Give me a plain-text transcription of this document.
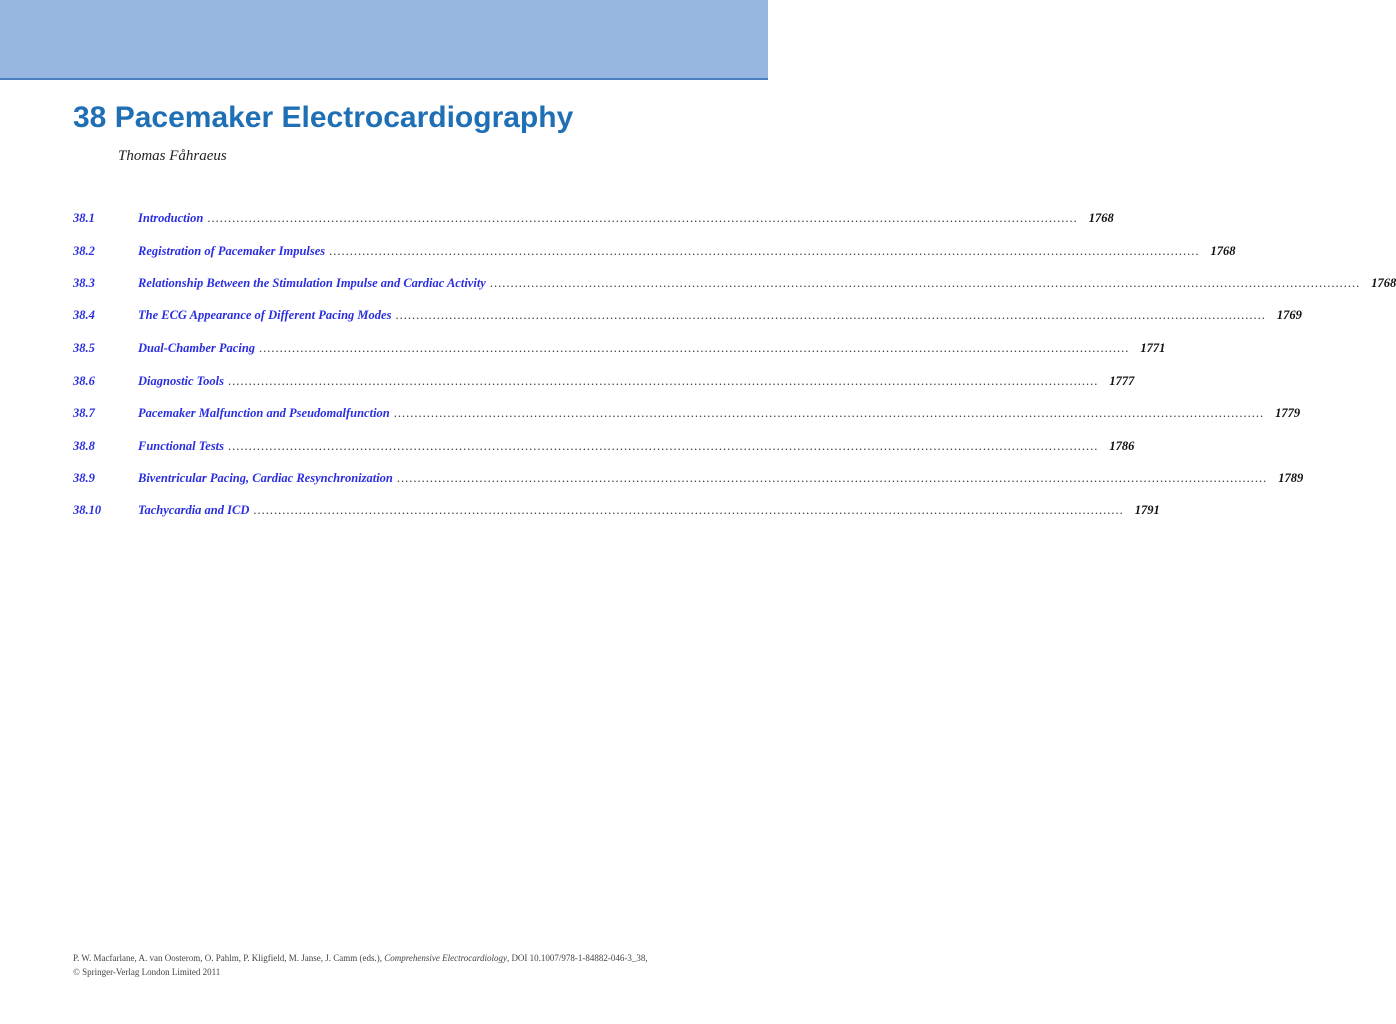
38 Pacemaker Electrocardiography
Thomas Fåhraeus
38.1	Introduction .....	1768
38.2	Registration of Pacemaker Impulses .....	1768
38.3	Relationship Between the Stimulation Impulse and Cardiac Activity .....	1768
38.4	The ECG Appearance of Different Pacing Modes .....	1769
38.5	Dual-Chamber Pacing .....	1771
38.6	Diagnostic Tools .....	1777
38.7	Pacemaker Malfunction and Pseudomalfunction .....	1779
38.8	Functional Tests .....	1786
38.9	Biventricular Pacing, Cardiac Resynchronization .....	1789
38.10	Tachycardia and ICD .....	1791
P. W. Macfarlane, A. van Oosterom, O. Pahlm, P. Kligfield, M. Janse, J. Camm (eds.), Comprehensive Electrocardiology, DOI 10.1007/978-1-84882-046-3_38,
© Springer-Verlag London Limited 2011
